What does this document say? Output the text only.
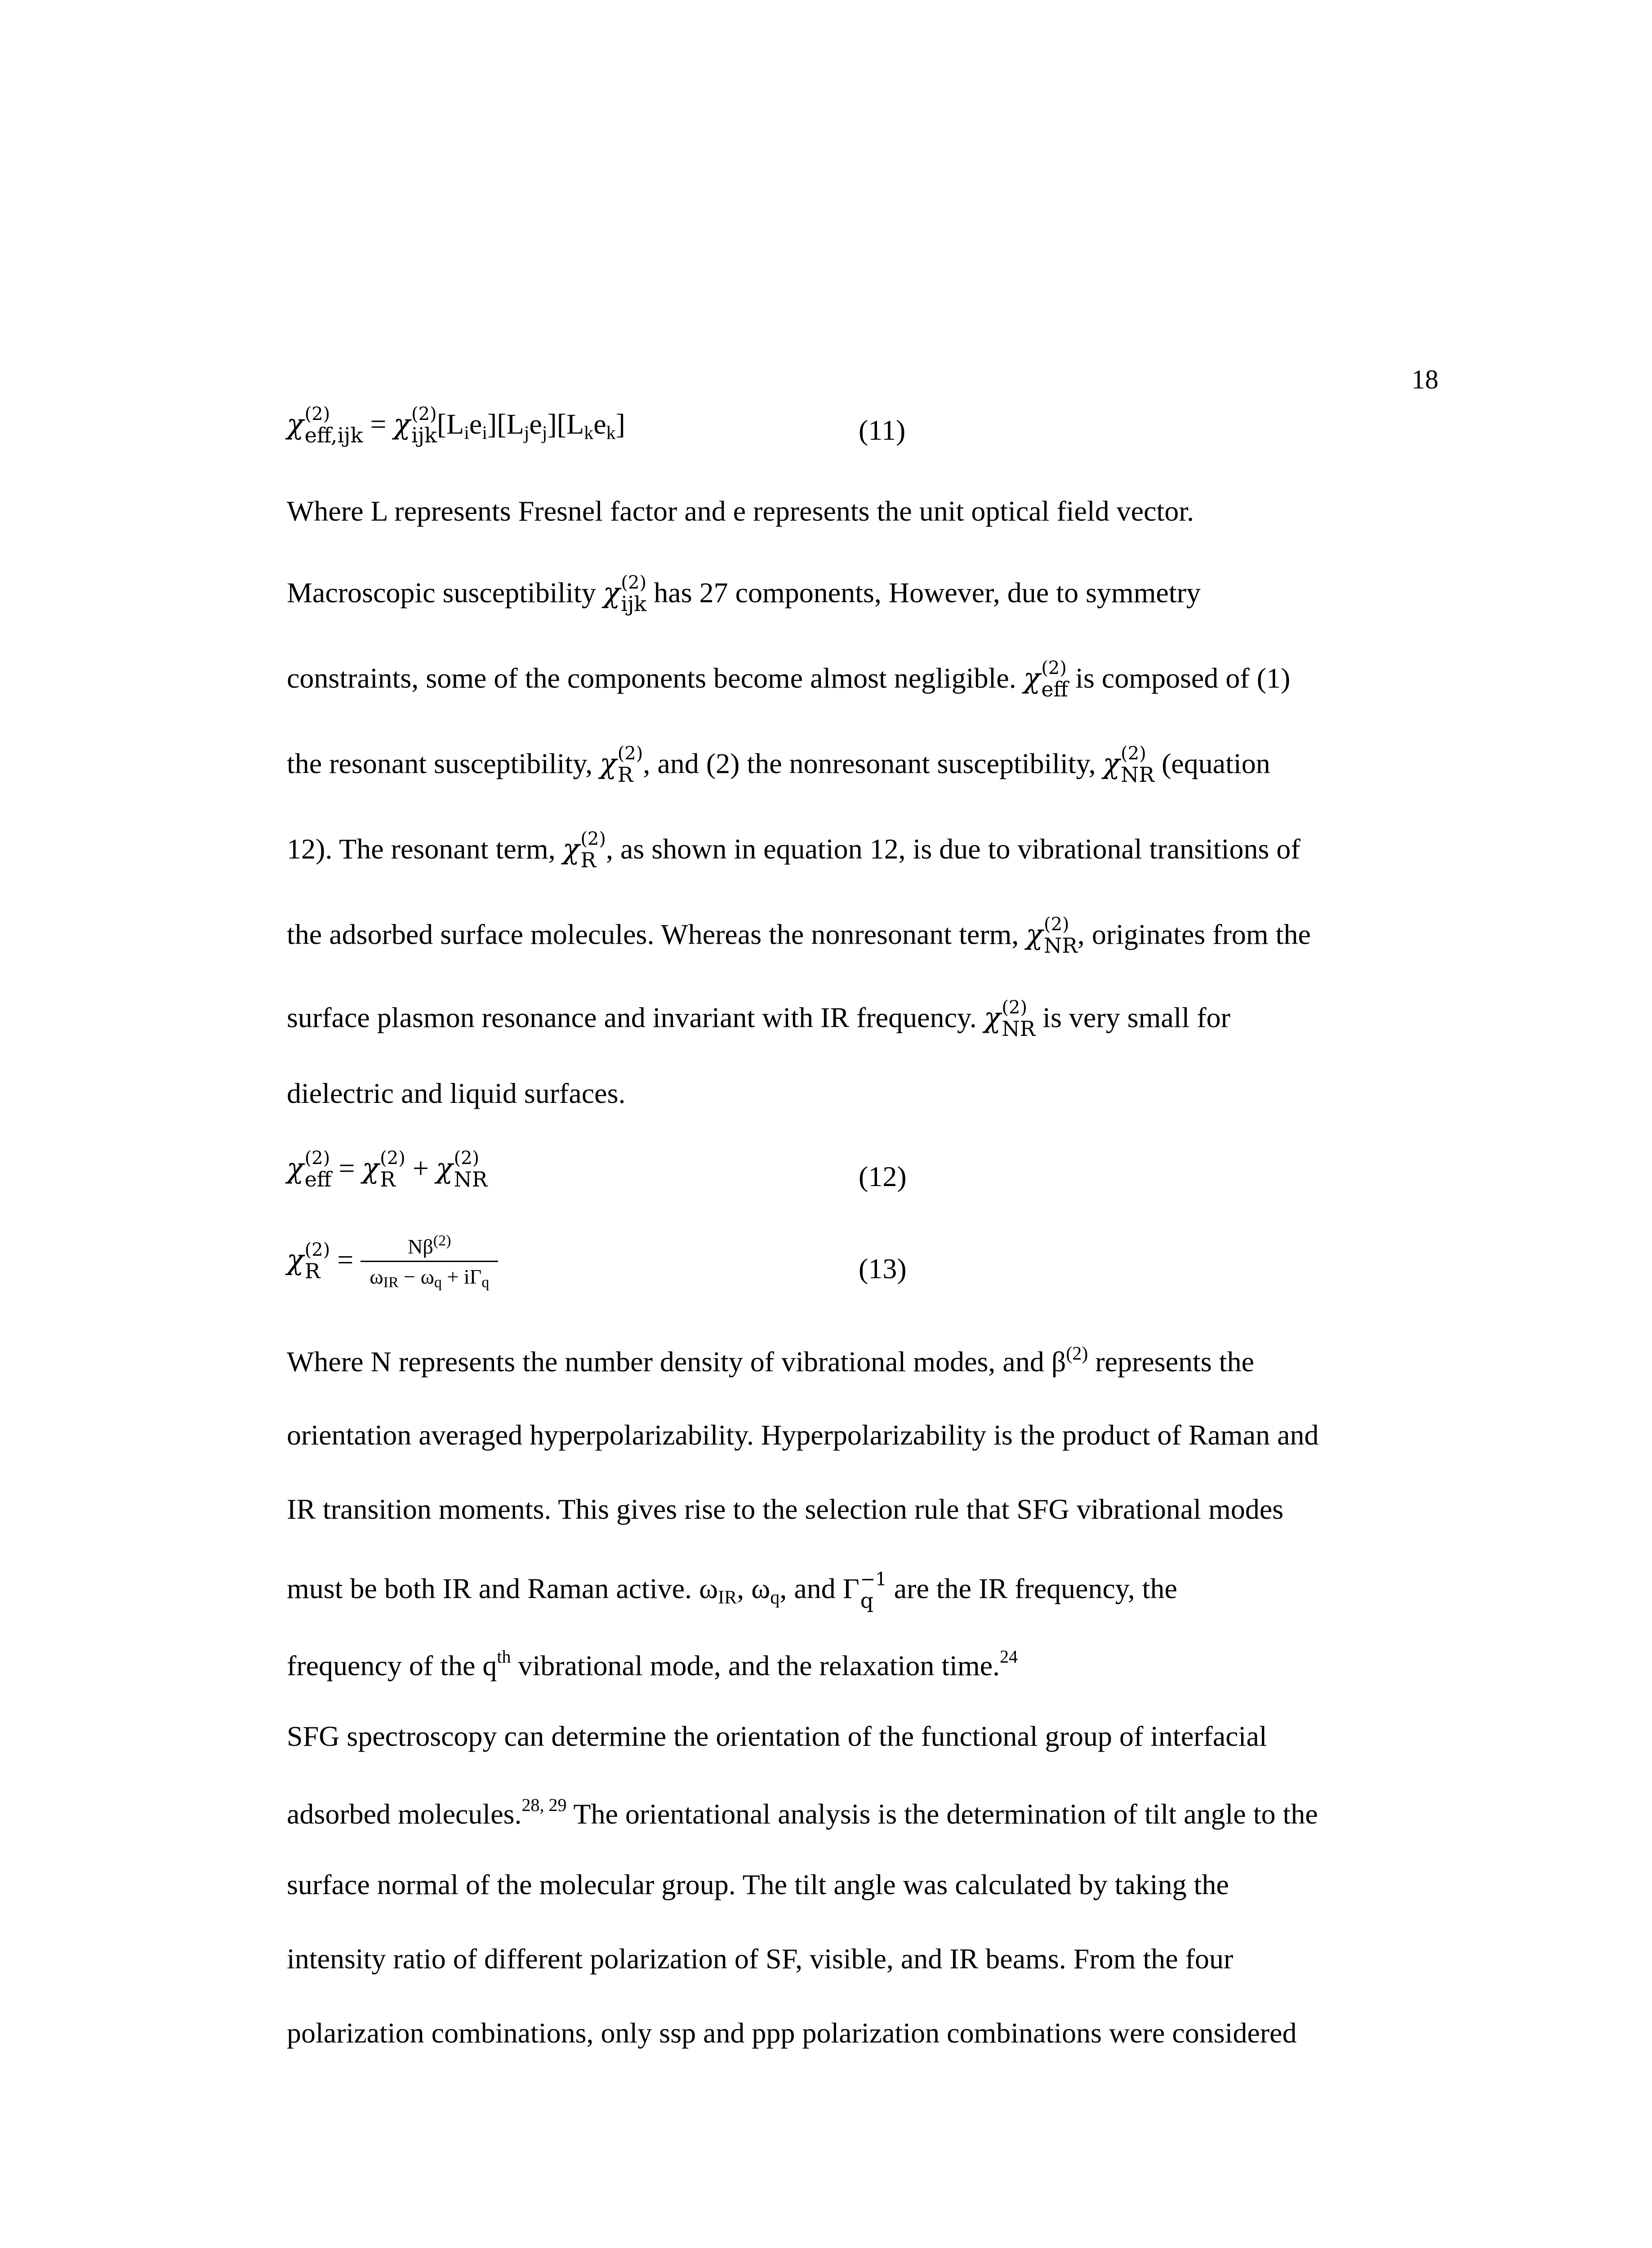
18
χ (2)
eff,ijk = χ (2)
ijk [Liei][Ljej][Lkek]	(11)
Where L represents Fresnel factor and e represents the unit optical field vector.
Macroscopic susceptibility χ (2)
ijk has 27 components, However, due to symmetry
constraints, some of the components become almost negligible. χ (2)
eff is composed of (1)
the resonant susceptibility, χ (2)
R , and (2) the nonresonant susceptibility, χ (2)
NR (equation
12). The resonant term, χ (2)
R , as shown in equation 12, is due to vibrational transitions of
the adsorbed surface molecules. Whereas the nonresonant term, χ (2)
NR , originates from the
surface plasmon resonance and invariant with IR frequency. χ (2)
NR is very small for
dielectric and liquid surfaces.
χ (2)
eff = χ (2)
R + χ (2)
NR	(12)
χ (2)
$R = \frac{N\beta^{(2)}}{\text{ωIR − ωq + iΓq}}$	(13)
Where N represents the number density of vibrational modes, and $\beta^{(2)}$ represents the
orientation averaged hyperpolarizability. Hyperpolarizability is the product of Raman and
IR transition moments. This gives rise to the selection rule that SFG vibrational modes
must be both IR and Raman active. ωIR, ωq, and Γ −1
q are the IR frequency, the
frequency of the q$^{th}$ vibrational mode, and the relaxation time.$^{24}$
SFG spectroscopy can determine the orientation of the functional group of interfacial
adsorbed molecules.$^{28, 29}$ The orientational analysis is the determination of tilt angle to the
surface normal of the molecular group. The tilt angle was calculated by taking the
intensity ratio of different polarization of SF, visible, and IR beams. From the four
polarization combinations, only ssp and ppp polarization combinations were considered
